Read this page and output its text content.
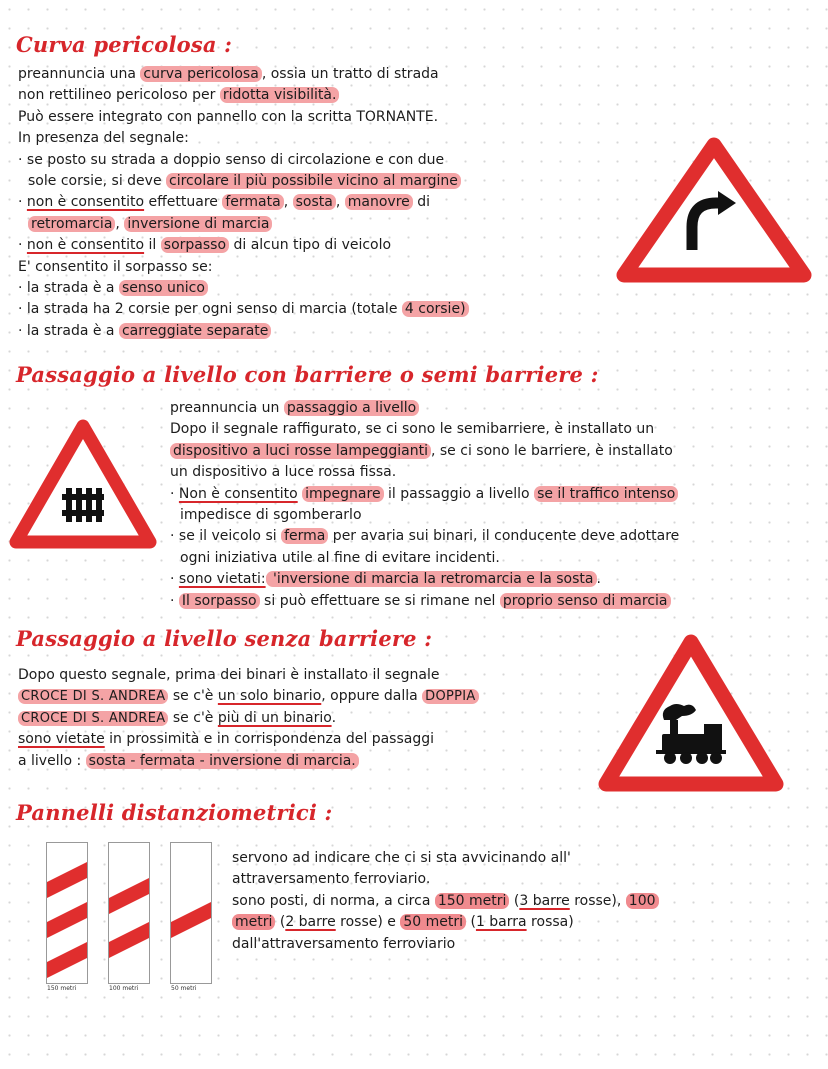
Curva pericolosa :
preannuncia una curva pericolosa , ossia un tratto di strada
non rettilineo pericoloso per ridotta visibilità.
Può essere integrato con pannello con la scritta TORNANTE.
In presenza del segnale:
· se posto su strada a doppio senso di circolazione e con due
sole corsie, si deve circolare il più possibile vicino al margine
· non è consentito effettuare fermata , sosta , manovre di
retromarcia , inversione di marcia
· non è consentito il sorpasso di alcun tipo di veicolo
E' consentito il sorpasso se:
· la strada è a senso unico
· la strada ha 2 corsie per ogni senso di marcia (totale 4 corsie)
· la strada è a carreggiate separate
Passaggio a livello con barriere o semi barriere :
preannuncia un passaggio a livello
Dopo il segnale raffigurato, se ci sono le semibarriere, è installato un
dispositivo a luci rosse lampeggianti , se ci sono le barriere, è installato
un dispositivo a luce rossa fissa.
· Non è consentito impegnare il passaggio a livello se il traffico intenso
impedisce di sgomberarlo
· se il veicolo si ferma per avaria sui binari, il conducente deve adottare
ogni iniziativa utile al fine di evitare incidenti.
· sono vietati: 'inversione di marcia la retromarcia e la sosta .
· Il sorpasso si può effettuare se si rimane nel proprio senso di marcia
Passaggio a livello senza barriere :
Dopo questo segnale, prima dei binari è installato il segnale
CROCE DI S. ANDREA se c'è un solo binario, oppure dalla DOPPIA
CROCE DI S. ANDREA se c'è più di un binario.
sono vietate in prossimità e in corrispondenza del passaggi
a livello : sosta - fermata - inversione di marcia.
Pannelli distanziometrici :
150 metri	100 metri	50 metri
servono ad indicare che ci si sta avvicinando all'
attraversamento ferroviario.
sono posti, di norma, a circa 150 metri (3 barre rosse), 100
metri (2 barre rosse) e 50 metri (1 barra rossa)
dall'attraversamento ferroviario
